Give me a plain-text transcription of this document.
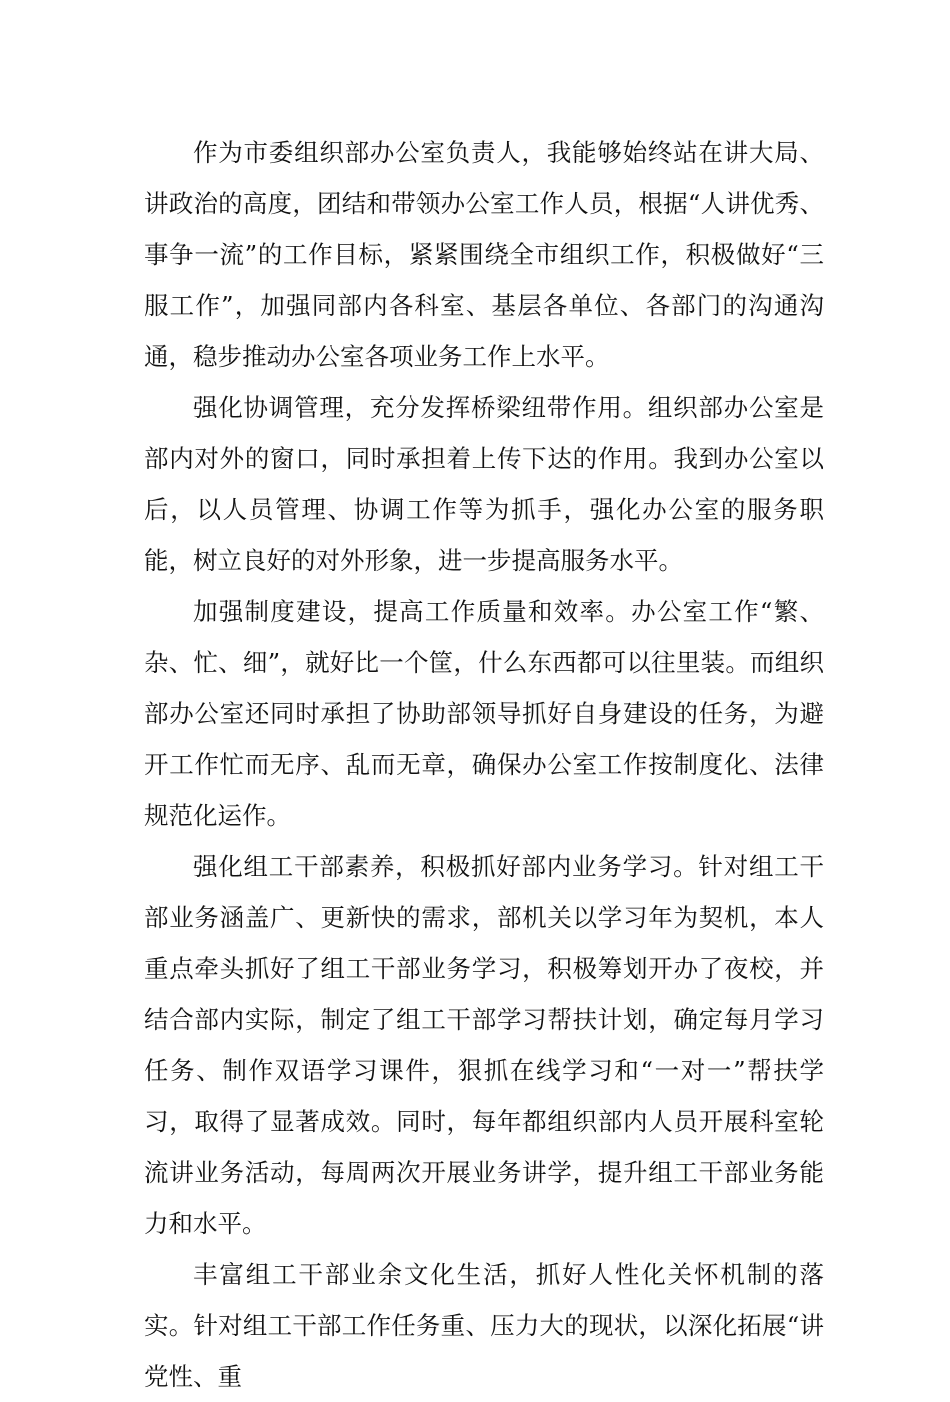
作为市委组织部办公室负责人，我能够始终站在讲大局、讲政治的高度，团结和带领办公室工作人员，根据“人讲优秀、事争一流”的工作目标，紧紧围绕全市组织工作，积极做好“三服工作”，加强同部内各科室、基层各单位、各部门的沟通沟通，稳步推动办公室各项业务工作上水平。

强化协调管理，充分发挥桥梁纽带作用。组织部办公室是部内对外的窗口，同时承担着上传下达的作用。我到办公室以后，以人员管理、协调工作等为抓手，强化办公室的服务职能，树立良好的对外形象，进一步提高服务水平。

加强制度建设，提高工作质量和效率。办公室工作“繁、杂、忙、细”，就好比一个筐，什么东西都可以往里装。而组织部办公室还同时承担了协助部领导抓好自身建设的任务，为避开工作忙而无序、乱而无章，确保办公室工作按制度化、法律规范化运作。

强化组工干部素养，积极抓好部内业务学习。针对组工干部业务涵盖广、更新快的需求，部机关以学习年为契机，本人重点牵头抓好了组工干部业务学习，积极筹划开办了夜校，并结合部内实际，制定了组工干部学习帮扶计划，确定每月学习任务、制作双语学习课件，狠抓在线学习和“一对一”帮扶学习，取得了显著成效。同时，每年都组织部内人员开展科室轮流讲业务活动，每周两次开展业务讲学，提升组工干部业务能力和水平。

丰富组工干部业余文化生活，抓好人性化关怀机制的落实。针对组工干部工作任务重、压力大的现状，以深化拓展“讲党性、重
